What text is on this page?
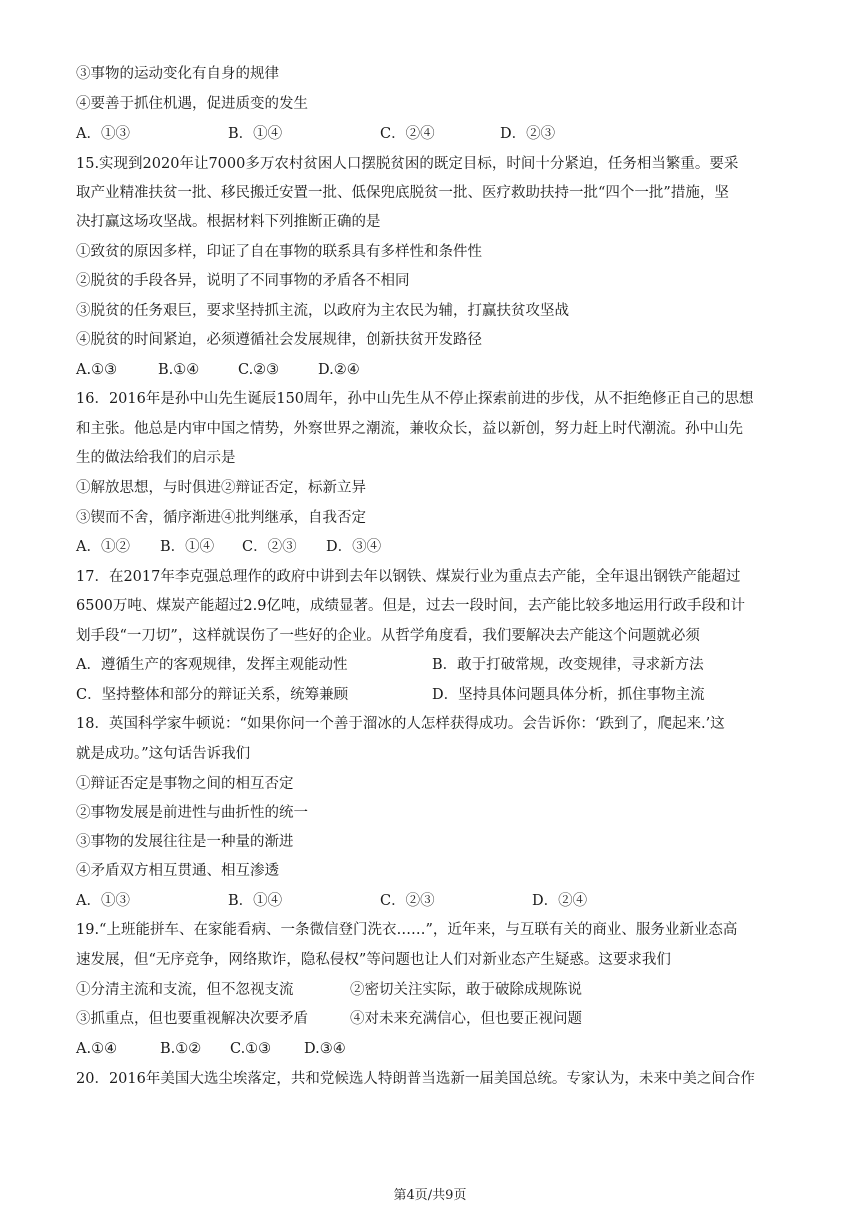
③事物的运动变化有自身的规律
④要善于抓住机遇，促进质变的发生
A．①③	B．①④	C．②④	D．②③
15.实现到2020年让7000多万农村贫困人口摆脱贫困的既定目标，时间十分紧迫，任务相当繁重。要采
取产业精准扶贫一批、移民搬迁安置一批、低保兜底脱贫一批、医疗救助扶持一批“四个一批”措施，坚
决打赢这场攻坚战。根据材料下列推断正确的是
①致贫的原因多样，印证了自在事物的联系具有多样性和条件性
②脱贫的手段各异，说明了不同事物的矛盾各不相同
③脱贫的任务艰巨，要求坚持抓主流，以政府为主农民为辅，打赢扶贫攻坚战
④脱贫的时间紧迫，必须遵循社会发展规律，创新扶贫开发路径
A.①③	B.①④	C.②③	D.②④
16．2016年是孙中山先生诞辰150周年，孙中山先生从不停止探索前进的步伐，从不拒绝修正自己的思想
和主张。他总是内审中国之情势，外察世界之潮流，兼收众长，益以新创，努力赶上时代潮流。孙中山先
生的做法给我们的启示是
①解放思想，与时俱进②辩证否定，标新立异
③锲而不舍，循序渐进④批判继承，自我否定
A．①② B．①④ C．②③ D．③④
17．在2017年李克强总理作的政府中讲到去年以钢铁、煤炭行业为重点去产能，全年退出钢铁产能超过
6500万吨、煤炭产能超过2.9亿吨，成绩显著。但是，过去一段时间，去产能比较多地运用行政手段和计
划手段“一刀切”，这样就误伤了一些好的企业。从哲学角度看，我们要解决去产能这个问题就必须
A．遵循生产的客观规律，发挥主观能动性	B．敢于打破常规，改变规律，寻求新方法
C．坚持整体和部分的辩证关系，统筹兼顾	D．坚持具体问题具体分析，抓住事物主流
18．英国科学家牛顿说：“如果你问一个善于溜冰的人怎样获得成功。会告诉你：‘跌到了，爬起来.’这
就是成功。”这句话告诉我们
①辩证否定是事物之间的相互否定
②事物发展是前进性与曲折性的统一
③事物的发展往往是一种量的渐进
④矛盾双方相互贯通、相互渗透
A．①③	B．①④	C．②③	D．②④
19.“上班能拼车、在家能看病、一条微信登门洗衣……”，近年来，与互联有关的商业、服务业新业态高
速发展，但“无序竞争，网络欺诈，隐私侵权”等问题也让人们对新业态产生疑惑。这要求我们
①分清主流和支流，但不忽视支流	②密切关注实际，敢于破除成规陈说
③抓重点，但也要重视解决次要矛盾	④对未来充满信心，但也要正视问题
A.①④	B.①② C.①③ D.③④
20．2016年美国大选尘埃落定，共和党候选人特朗普当选新一届美国总统。专家认为，未来中美之间合作
第4页/共9页
